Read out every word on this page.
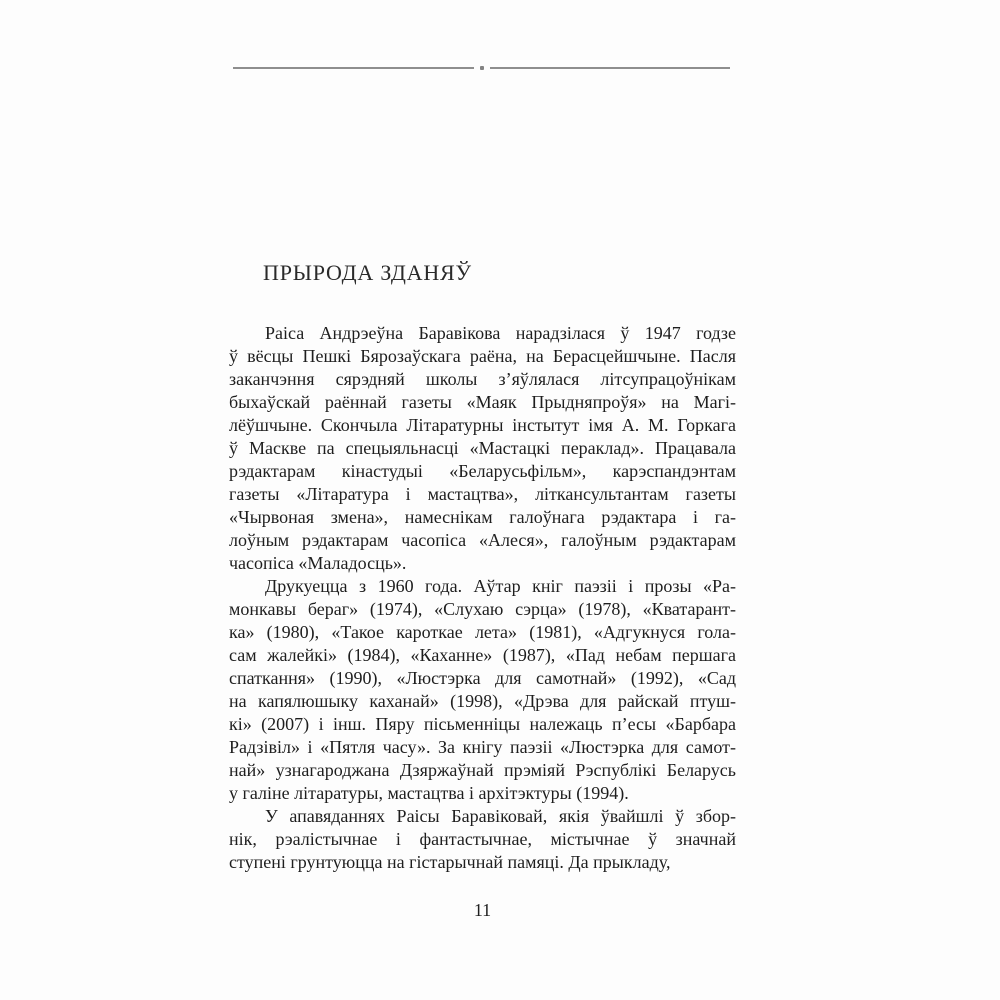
ПРЫРОДА ЗДАНЯЎ
Раіса Андрэеўна Баравікова нарадзілася ў 1947 годзе
ў вёсцы Пешкі Бярозаўскага раёна, на Берасцейшчыне. Пасля
заканчэння сярэдняй школы з’яўлялася літсупрацоўнікам
быхаўскай раённай газеты «Маяк Прыдняпроўя» на Магі-
лёўшчыне. Скончыла Літаратурны інстытут імя А. М. Горкага
ў Маскве па спецыяльнасці «Мастацкі пераклад». Працавала
рэдактарам кінастудыі «Беларусьфільм», карэспандэнтам
газеты «Літаратура і мастацтва», літкансультантам газеты
«Чырвоная змена», намеснікам галоўнага рэдактара і га-
лоўным рэдактарам часопіса «Алеся», галоўным рэдактарам
часопіса «Маладосць».
Друкуецца з 1960 года. Аўтар кніг паэзіі і прозы «Ра-
монкавы бераг» (1974), «Слухаю сэрца» (1978), «Кватарант-
ка» (1980), «Такое кароткае лета» (1981), «Адгукнуся гола-
сам жалейкі» (1984), «Каханне» (1987), «Пад небам першага
спаткання» (1990), «Люстэрка для самотнай» (1992), «Сад
на капялюшыку каханай» (1998), «Дрэва для райскай птуш-
кі» (2007) і інш. Пяру пісьменніцы належаць п’есы «Барбара
Радзівіл» і «Пятля часу». За кнігу паэзіі «Люстэрка для самот-
най» узнагароджана Дзяржаўнай прэміяй Рэспублікі Беларусь
у галіне літаратуры, мастацтва і архітэктуры (1994).
У апавяданнях Раісы Баравіковай, якія ўвайшлі ў збор-
нік, рэалістычнае і фантастычнае, містычнае ў значнай
ступені грунтуюцца на гістарычнай памяці. Да прыкладу,
11
